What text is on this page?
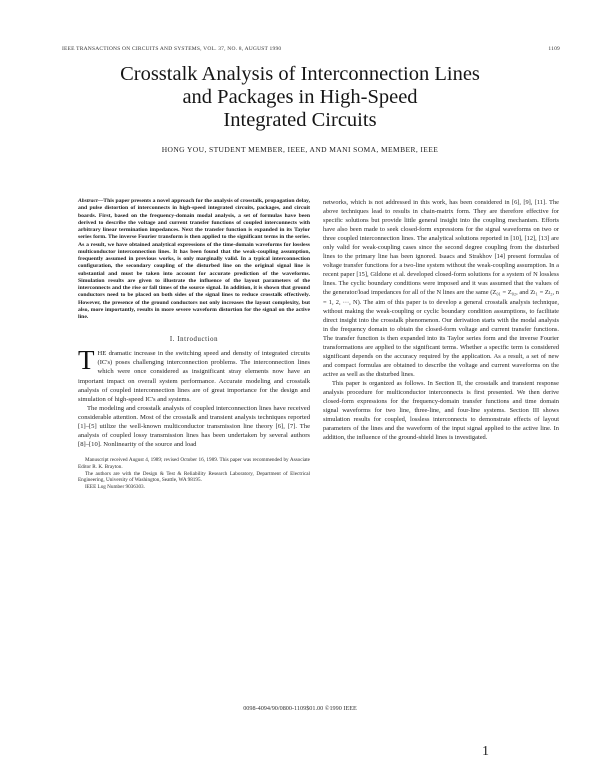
IEEE TRANSACTIONS ON CIRCUITS AND SYSTEMS, VOL. 37, NO. 8, AUGUST 1990	1109
Crosstalk Analysis of Interconnection Lines
and Packages in High-Speed
Integrated Circuits
HONG YOU, STUDENT MEMBER, IEEE, AND MANI SOMA, MEMBER, IEEE

Abstract—This paper presents a novel approach for the analysis of crosstalk, propagation delay, and pulse distortion of interconnects in high-speed integrated circuits, packages, and circuit boards. First, based on the frequency-domain modal analysis, a set of formulas have been derived to describe the voltage and current transfer functions of coupled interconnects with arbitrary linear termination impedances. Next the transfer function is expanded in its Taylor series form. The inverse Fourier transform is then applied to the significant terms in the series. As a result, we have obtained analytical expressions of the time-domain waveforms for lossless multiconductor interconnection lines. It has been found that the weak-coupling assumption, frequently assumed in previous works, is only marginally valid. In a typical interconnection configuration, the secondary coupling of the disturbed line on the original signal line is substantial and must be taken into account for accurate prediction of the waveforms. Simulation results are given to illustrate the influence of the layout parameters of the interconnects and the rise or fall times of the source signal. In addition, it is shown that ground conductors need to be placed on both sides of the signal lines to reduce crosstalk effectively. However, the presence of the ground conductors not only increases the layout complexity, but also, more importantly, results in more severe waveform distortion for the signal on the active line.

I. Introduction

THE dramatic increase in the switching speed and density of integrated circuits (IC's) poses challenging interconnection problems. The interconnection lines which were once considered as insignificant stray elements now have an important impact on overall system performance. Accurate modeling and crosstalk analysis of coupled interconnection lines are of great importance for the design and simulation of high-speed IC's and systems.

The modeling and crosstalk analysis of coupled interconnection lines have received considerable attention. Most of the crosstalk and transient analysis techniques reported [1]–[5] utilize the well-known multiconductor transmission line theory [6], [7]. The analysis of coupled lossy transmission lines has been undertaken by several authors [8]–[10]. Nonlinearity of the source and load

Manuscript received August 4, 1989; revised October 16, 1989. This paper was recommended by Associate Editor R. K. Brayton.

The authors are with the Design & Test & Reliability Research Laboratory, Department of Electrical Engineering, University of Washington, Seattle, WA 98195.

IEEE Log Number 9036303.

networks, which is not addressed in this work, has been considered in [6], [9], [11]. The above techniques lead to results in chain-matrix form. They are therefore effective for specific solutions but provide little general insight into the coupling mechanism. Efforts have also been made to seek closed-form expressions for the signal waveforms on two or three coupled interconnection lines. The analytical solutions reported in [10], [12], [13] are only valid for weak-coupling cases since the second degree coupling from the disturbed lines to the primary line has been ignored. Isaacs and Strakhov [14] present formulas of voltage transfer functions for a two-line system without the weak-coupling assumption. In a recent paper [15], Gildone et al. developed closed-form solutions for a system of N lossless lines. The cyclic boundary conditions were imposed and it was assumed that the values of the generator/load impedances for all of the N lines are the same (Z₀₁ = Z₀₂, and Zₗ₁ = Zₗ₂, n = 1, 2, ···, N). The aim of this paper is to develop a general crosstalk analysis technique, without making the weak-coupling or cyclic boundary condition assumptions, to facilitate direct insight into the crosstalk phenomenon. Our derivation starts with the modal analysis in the frequency domain to obtain the closed-form voltage and current transfer functions. The transfer function is then expanded into its Taylor series form and the inverse Fourier transformations are applied to the significant terms. Whether a specific term is considered significant depends on the accuracy required by the application. As a result, a set of new and compact formulas are obtained to describe the voltage and current waveforms on the active as well as the disturbed lines.

This paper is organized as follows. In Section II, the crosstalk and transient response analysis procedure for multiconductor interconnects is first presented. We then derive closed-form expressions for the frequency-domain transfer functions and time domain signal waveforms for two line, three-line, and four-line systems. Section III shows simulation results for coupled, lossless interconnects to demonstrate effects of layout parameters of the lines and the waveform of the input signal applied to the active line. In addition, the influence of the ground-shield lines is investigated.

0098-4094/90/0800-1109$01.00 ©1990 IEEE
1
